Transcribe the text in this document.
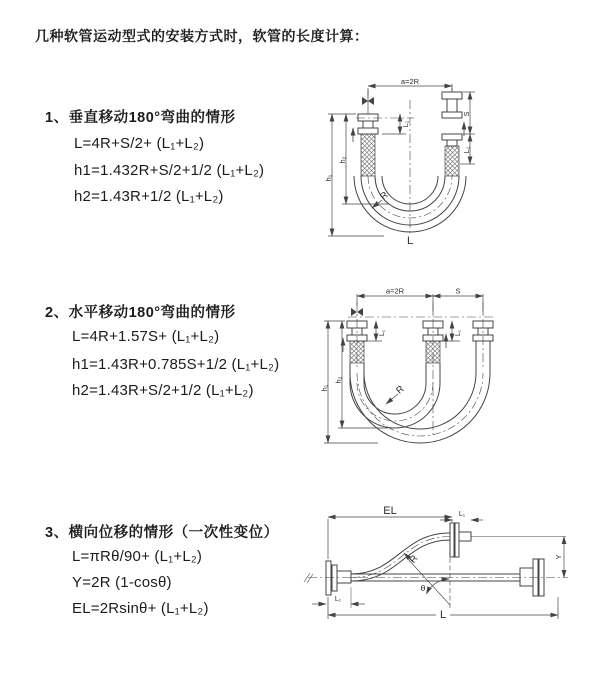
几种软管运动型式的安装方式时，软管的长度计算：
1、垂直移动180°弯曲的情形
L=4R+S/2+ (L₁+L₂)
h1=1.432R+S/2+1/2 (L₁+L₂)
h2=1.43R+1/2 (L₁+L₂)
2、水平移动180°弯曲的情形
L=4R+1.57S+ (L₁+L₂)
h1=1.43R+0.785S+1/2 (L₁+L₂)
h2=1.43R+S/2+1/2 (L₁+L₂)
3、横向位移的情形（一次性变位）
L=πRθ/90+ (L₁+L₂)
Y=2R (1-cosθ)
EL=2Rsinθ+ (L₁+L₂)
a=2R
S
L₁
L₁
h₁
h₂
R
L
a=2R	S
h₁
h₂
L₁	L₁
R
EL	L₁
Y
θ
R
L₁
L
